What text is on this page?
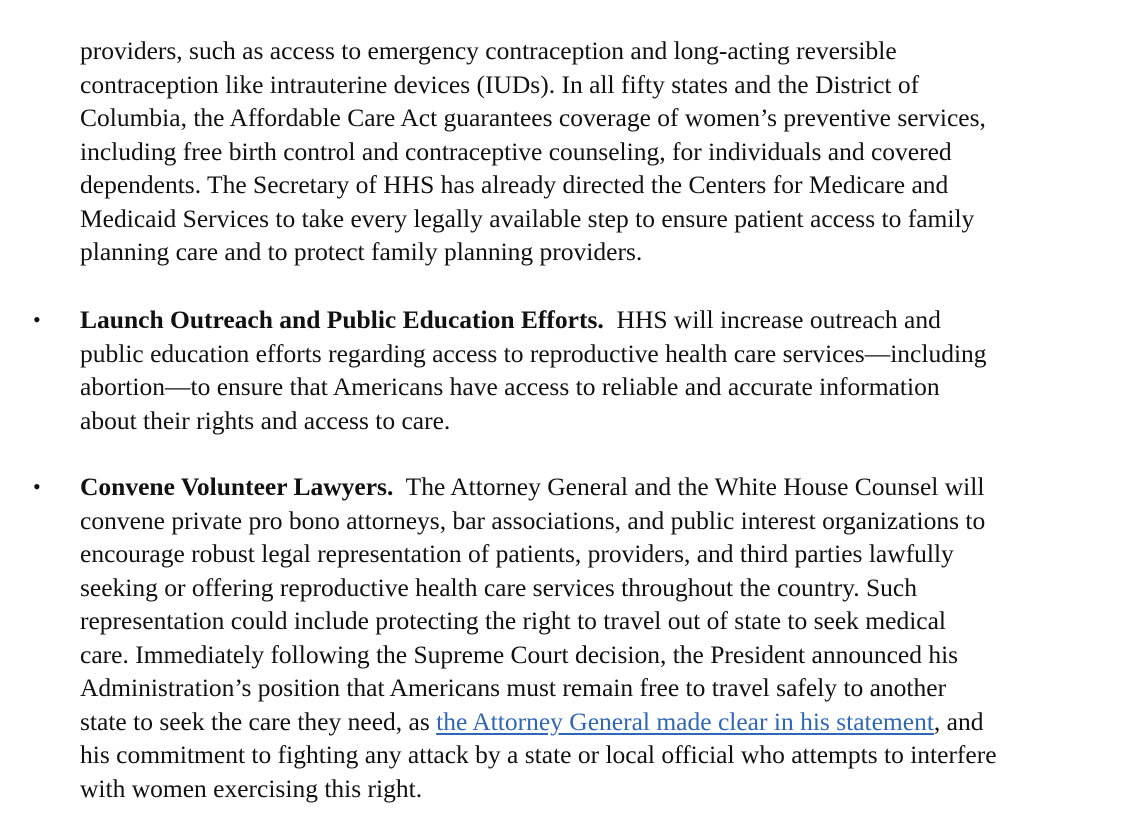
providers, such as access to emergency contraception and long-acting reversible
contraception like intrauterine devices (IUDs). In all fifty states and the District of
Columbia, the Affordable Care Act guarantees coverage of women’s preventive services,
including free birth control and contraceptive counseling, for individuals and covered
dependents. The Secretary of HHS has already directed the Centers for Medicare and
Medicaid Services to take every legally available step to ensure patient access to family
planning care and to protect family planning providers.
• Launch Outreach and Public Education Efforts.  HHS will increase outreach and
public education efforts regarding access to reproductive health care services—including
abortion—to ensure that Americans have access to reliable and accurate information
about their rights and access to care.
• Convene Volunteer Lawyers.  The Attorney General and the White House Counsel will
convene private pro bono attorneys, bar associations, and public interest organizations to
encourage robust legal representation of patients, providers, and third parties lawfully
seeking or offering reproductive health care services throughout the country. Such
representation could include protecting the right to travel out of state to seek medical
care. Immediately following the Supreme Court decision, the President announced his
Administration’s position that Americans must remain free to travel safely to another
state to seek the care they need, as the Attorney General made clear in his statement, and
his commitment to fighting any attack by a state or local official who attempts to interfere
with women exercising this right.
